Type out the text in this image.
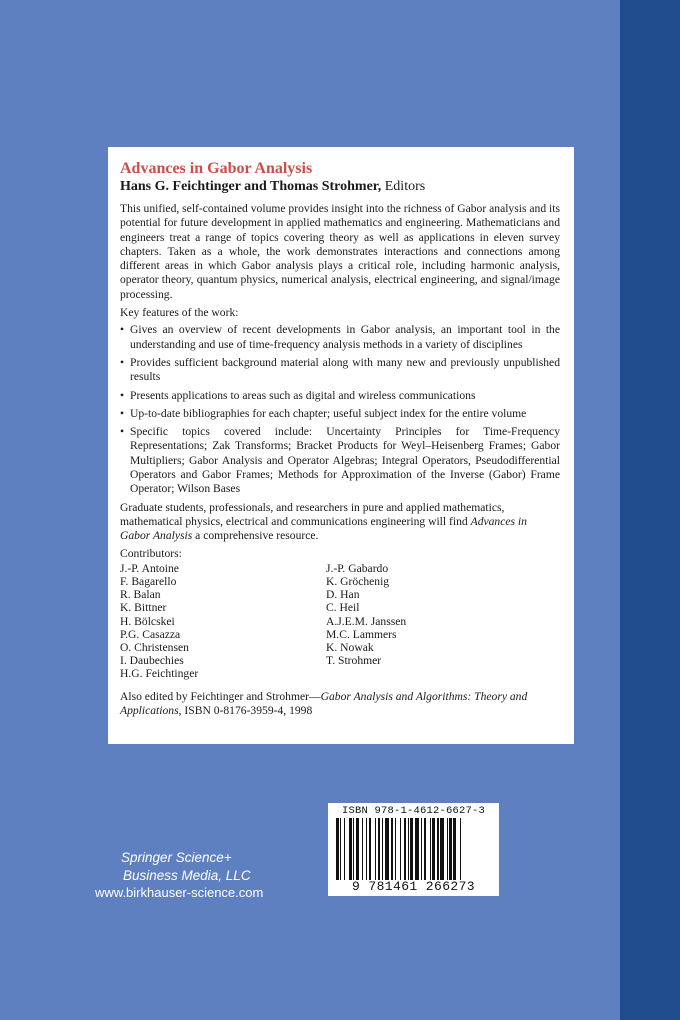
Advances in Gabor Analysis
Hans G. Feichtinger and Thomas Strohmer, Editors

This unified, self-contained volume provides insight into the richness of Gabor analysis and its potential for future development in applied mathematics and engineering. Mathematicians and engineers treat a range of topics covering theory as well as applications in eleven survey chapters. Taken as a whole, the work demonstrates interactions and connections among different areas in which Gabor analysis plays a critical role, including harmonic analysis, operator theory, quantum physics, numerical analysis, electrical engineering, and signal/image processing.

Key features of the work:

• Gives an overview of recent developments in Gabor analysis, an important tool in the understanding and use of time-frequency analysis methods in a variety of disciplines
• Provides sufficient background material along with many new and previously unpublished results
• Presents applications to areas such as digital and wireless communications
• Up-to-date bibliographies for each chapter; useful subject index for the entire volume
• Specific topics covered include: Uncertainty Principles for Time-Frequency Representations; Zak Transforms; Bracket Products for Weyl–Heisenberg Frames; Gabor Multipliers; Gabor Analysis and Operator Algebras; Integral Operators, Pseudodifferential Operators and Gabor Frames; Methods for Approximation of the Inverse (Gabor) Frame Operator; Wilson Bases

Graduate students, professionals, and researchers in pure and applied mathematics, mathematical physics, electrical and communications engineering will find Advances in Gabor Analysis a comprehensive resource.

Contributors:

J.-P. Antoine
F. Bagarello
R. Balan
K. Bittner
H. Bölcskei
P.G. Casazza
O. Christensen
I. Daubechies
H.G. Feichtinger
J.-P. Gabardo
K. Gröchenig
D. Han
C. Heil
A.J.E.M. Janssen
M.C. Lammers
K. Nowak
T. Strohmer

Also edited by Feichtinger and Strohmer—Gabor Analysis and Algorithms: Theory and Applications, ISBN 0-8176-3959-4, 1998

ISBN 978-1-4612-6627-3
9 781461 266273
Springer Science+
Business Media, LLC
www.birkhauser-science.com
